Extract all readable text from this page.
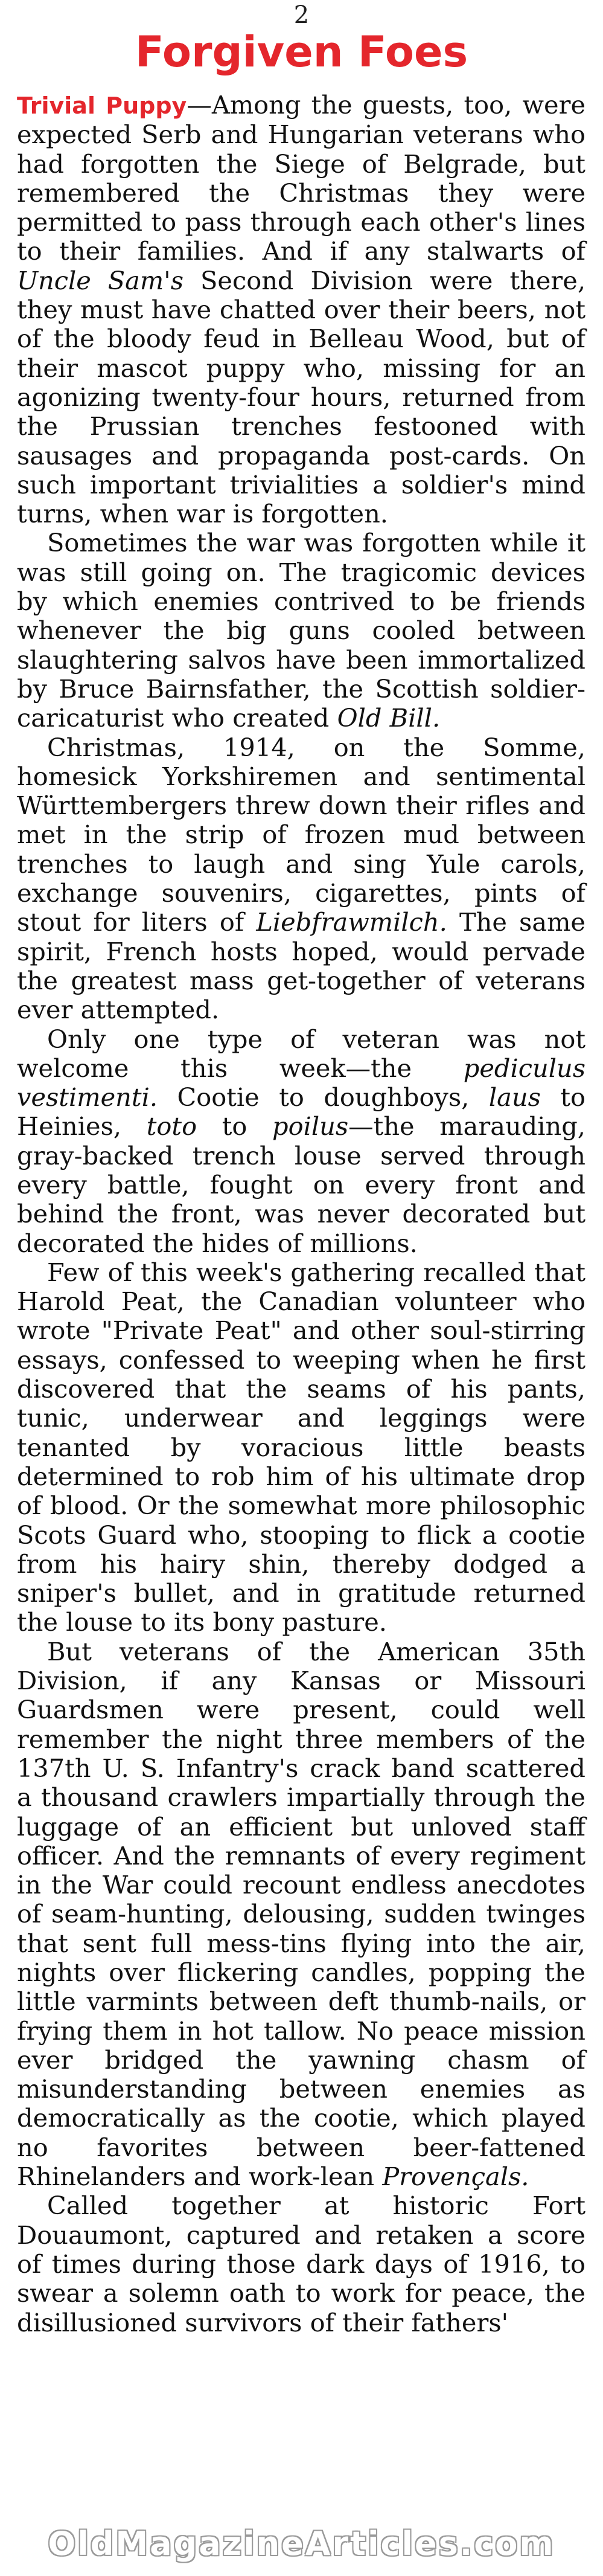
2
Forgiven Foes

Trivial Puppy—Among the guests, too, were expected Serb and Hungarian veterans who had forgotten the Siege of Belgrade, but remembered the Christmas they were permitted to pass through each other's lines to their families. And if any stalwarts of Uncle Sam's Second Division were there, they must have chatted over their beers, not of the bloody feud in Belleau Wood, but of their mascot puppy who, missing for an agonizing twenty-four hours, returned from the Prussian trenches festooned with sausages and propaganda post-cards. On such important trivialities a soldier's mind turns, when war is forgotten.

Sometimes the war was forgotten while it was still going on. The tragicomic devices by which enemies contrived to be friends whenever the big guns cooled between slaughtering salvos have been immortalized by Bruce Bairnsfather, the Scottish soldier-caricaturist who created Old Bill.

Christmas, 1914, on the Somme, homesick Yorkshiremen and sentimental Württembergers threw down their rifles and met in the strip of frozen mud between trenches to laugh and sing Yule carols, exchange souvenirs, cigarettes, pints of stout for liters of Liebfrawmilch. The same spirit, French hosts hoped, would pervade the greatest mass get-together of veterans ever attempted.

Only one type of veteran was not welcome this week—the pediculus vestimenti. Cootie to doughboys, laus to Heinies, toto to poilus—the marauding, gray-backed trench louse served through every battle, fought on every front and behind the front, was never decorated but decorated the hides of millions.

Few of this week's gathering recalled that Harold Peat, the Canadian volunteer who wrote "Private Peat" and other soul-stirring essays, confessed to weeping when he first discovered that the seams of his pants, tunic, underwear and leggings were tenanted by voracious little beasts determined to rob him of his ultimate drop of blood. Or the somewhat more philosophic Scots Guard who, stooping to flick a cootie from his hairy shin, thereby dodged a sniper's bullet, and in gratitude returned the louse to its bony pasture.

But veterans of the American 35th Division, if any Kansas or Missouri Guardsmen were present, could well remember the night three members of the 137th U. S. Infantry's crack band scattered a thousand crawlers impartially through the luggage of an efficient but unloved staff officer. And the remnants of every regiment in the War could recount endless anecdotes of seam-hunting, delousing, sudden twinges that sent full mess-tins flying into the air, nights over flickering candles, popping the little varmints between deft thumb-nails, or frying them in hot tallow. No peace mission ever bridged the yawning chasm of misunderstanding between enemies as democratically as the cootie, which played no favorites between beer-fattened Rhinelanders and work-lean Provençals.

Called together at historic Fort Douaumont, captured and retaken a score of times during those dark days of 1916, to swear a solemn oath to work for peace, the disillusioned survivors of their fathers'

OldMagazineArticles.com
